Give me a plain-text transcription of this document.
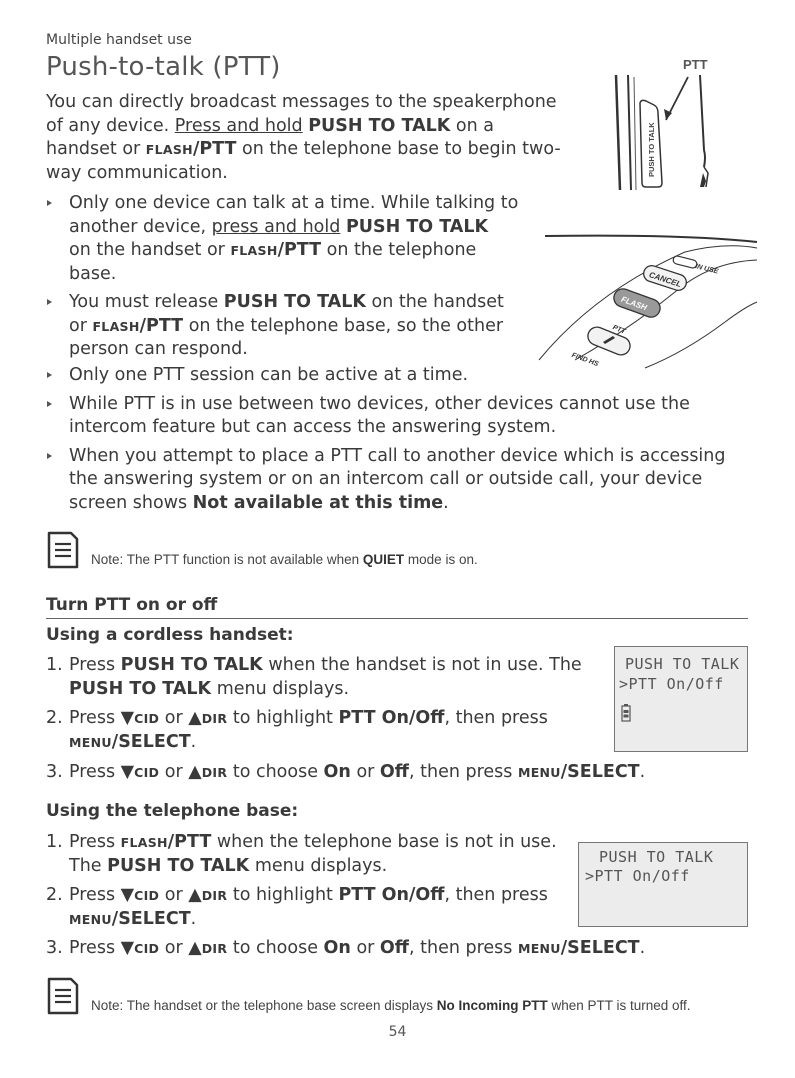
Multiple handset use
Push-to-talk (PTT)
You can directly broadcast messages to the speakerphone of any device. Press and hold PUSH TO TALK on a handset or FLASH/PTT on the telephone base to begin two-way communication.
PTT
PUSH TO TALK
IN USE
CANCEL
FLASH
PTT
FIND HS
Only one device can talk at a time. While talking to another device, press and hold PUSH TO TALK
on the handset or FLASH/PTT on the telephone base.
You must release PUSH TO TALK on the handset or FLASH/PTT on the telephone base, so the other person can respond.
Only one PTT session can be active at a time.
While PTT is in use between two devices, other devices cannot use the intercom feature but can access the answering system.
When you attempt to place a PTT call to another device which is accessing the answering system or on an intercom call or outside call, your device screen shows Not available at this time.
Note: The PTT function is not available when QUIET mode is on.
Turn PTT on or off
Using a cordless handset:
1. Press PUSH TO TALK when the handset is not in use. The PUSH TO TALK menu displays.
2. Press ▼CID or ▲DIR to highlight PTT On/Off, then press
MENU/SELECT.
3. Press ▼CID or ▲DIR to choose On or Off, then press MENU/SELECT.
PUSH TO TALK
>PTT On/Off
Using the telephone base:
1. Press FLASH/PTT when the telephone base is not in use. The PUSH TO TALK menu displays.
2. Press ▼CID or ▲DIR to highlight PTT On/Off, then press MENU/SELECT.
3. Press ▼CID or ▲DIR to choose On or Off, then press MENU/SELECT.
PUSH TO TALK
>PTT On/Off
Note: The handset or the telephone base screen displays No Incoming PTT when PTT is turned off.
54
